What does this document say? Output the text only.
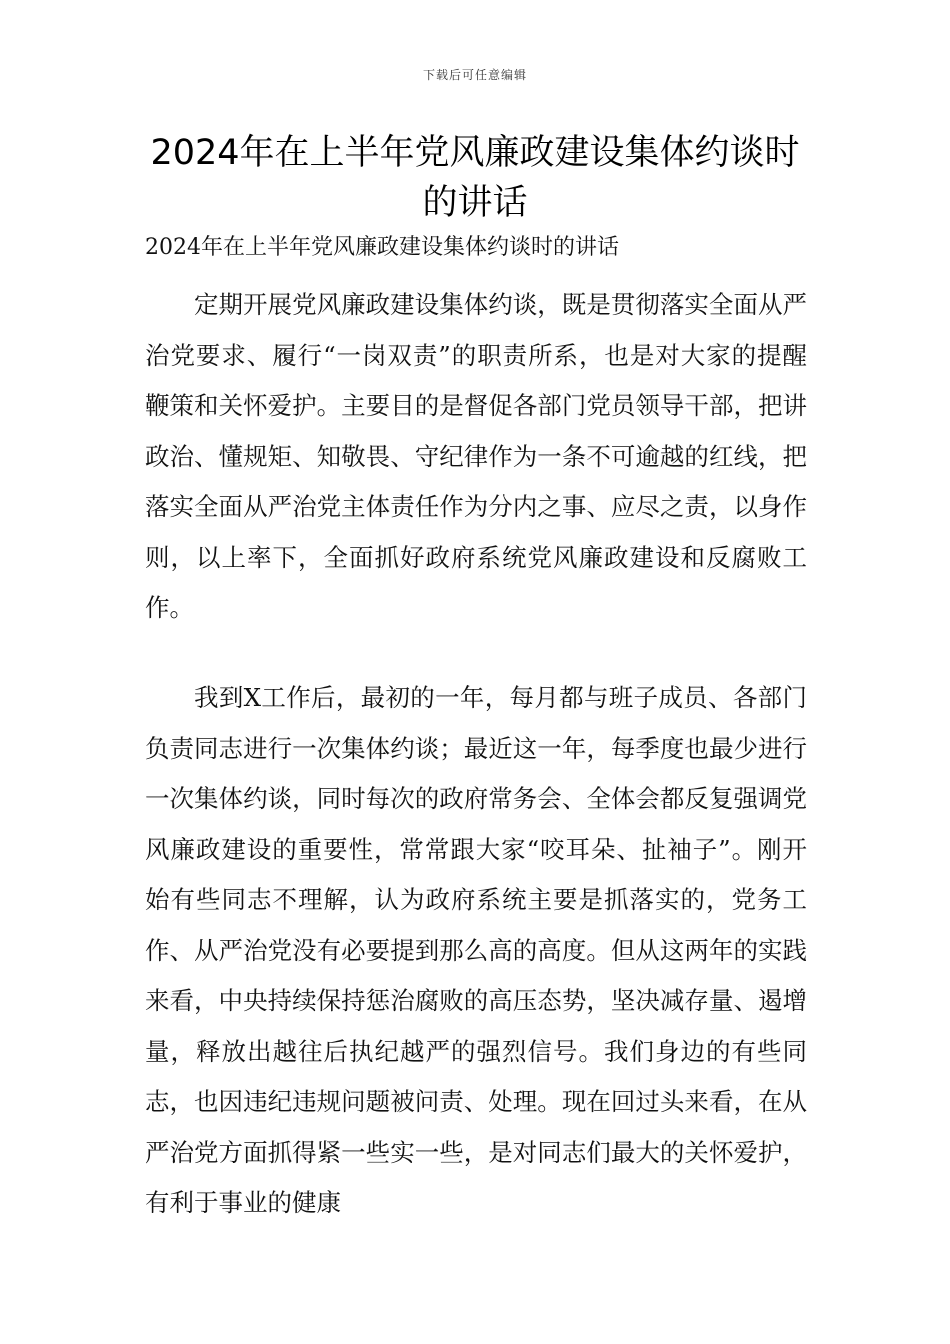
下载后可任意编辑
2024年在上半年党风廉政建设集体约谈时的讲话
2024年在上半年党风廉政建设集体约谈时的讲话

定期开展党风廉政建设集体约谈，既是贯彻落实全面从严治党要求、履行“一岗双责”的职责所系，也是对大家的提醒鞭策和关怀爱护。主要目的是督促各部门党员领导干部，把讲政治、懂规矩、知敬畏、守纪律作为一条不可逾越的红线，把落实全面从严治党主体责任作为分内之事、应尽之责，以身作则，以上率下，全面抓好政府系统党风廉政建设和反腐败工作。

我到X工作后，最初的一年，每月都与班子成员、各部门负责同志进行一次集体约谈；最近这一年，每季度也最少进行一次集体约谈，同时每次的政府常务会、全体会都反复强调党风廉政建设的重要性，常常跟大家“咬耳朵、扯袖子”。刚开始有些同志不理解，认为政府系统主要是抓落实的，党务工作、从严治党没有必要提到那么高的高度。但从这两年的实践来看，中央持续保持惩治腐败的高压态势，坚决减存量、遏增量，释放出越往后执纪越严的强烈信号。我们身边的有些同志，也因违纪违规问题被问责、处理。现在回过头来看，在从严治党方面抓得紧一些实一些，是对同志们最大的关怀爱护，有利于事业的健康
